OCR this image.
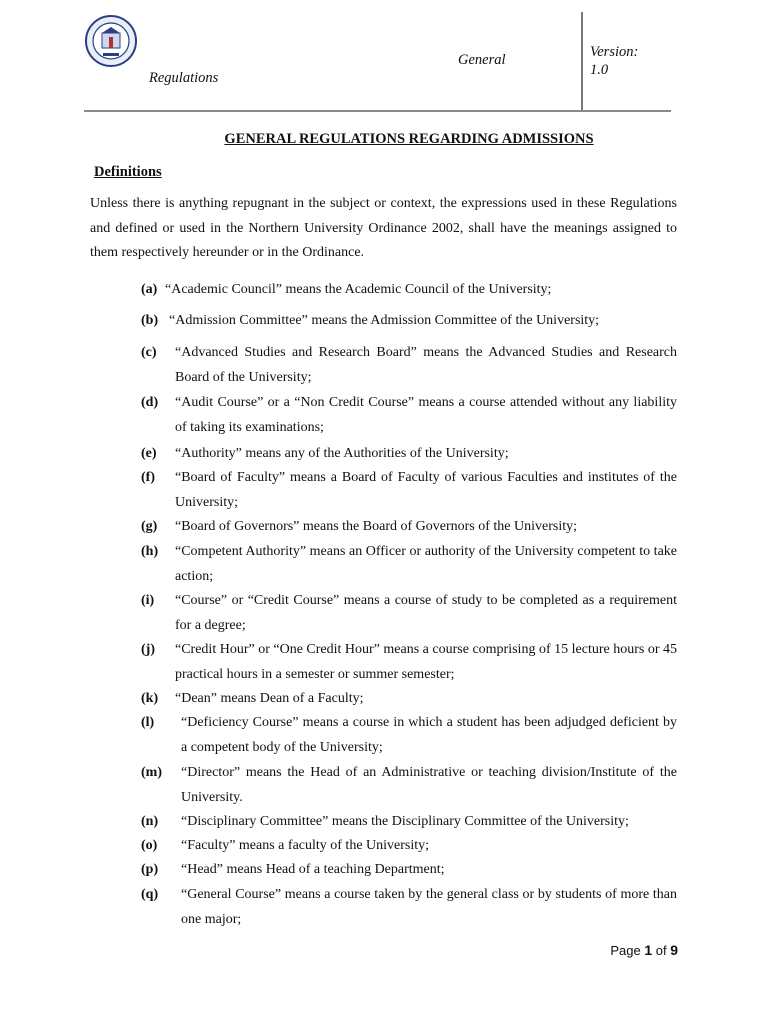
Regulations
General	Version:
1.0
GENERAL REGULATIONS REGARDING ADMISSIONS
Definitions

Unless there is anything repugnant in the subject or context, the expressions used in these Regulations and defined or used in the Northern University Ordinance 2002, shall have the meanings assigned to them respectively hereunder or in the Ordinance.

(a) “Academic Council” means the Academic Council of the University;
(b) “Admission Committee” means the Admission Committee of the University;
(c)	“Advanced Studies and Research Board” means the Advanced Studies and Research Board of the University;
(d)	“Audit Course” or a “Non Credit Course” means a course attended without any liability of taking its examinations;
(e)	“Authority” means any of the Authorities of the University;
(f)	“Board of Faculty” means a Board of Faculty of various Faculties and institutes of the University;
(g)	“Board of Governors” means the Board of Governors of the University;
(h)	“Competent Authority” means an Officer or authority of the University competent to take action;
(i)	“Course” or “Credit Course” means a course of study to be completed as a requirement for a degree;
(j)	“Credit Hour” or “One Credit Hour” means a course comprising of 15 lecture hours or 45 practical hours in a semester or summer semester;
(k)	“Dean” means Dean of a Faculty;
(l)	“Deficiency Course” means a course in which a student has been adjudged deficient by a competent body of the University;
(m)	“Director” means the Head of an Administrative or teaching division/Institute of the University.
(n)	“Disciplinary Committee” means the Disciplinary Committee of the University;
(o)	“Faculty” means a faculty of the University;
(p)	“Head” means Head of a teaching Department;
(q)	“General Course” means a course taken by the general class or by students of more than one major;
Page 1 of 9
